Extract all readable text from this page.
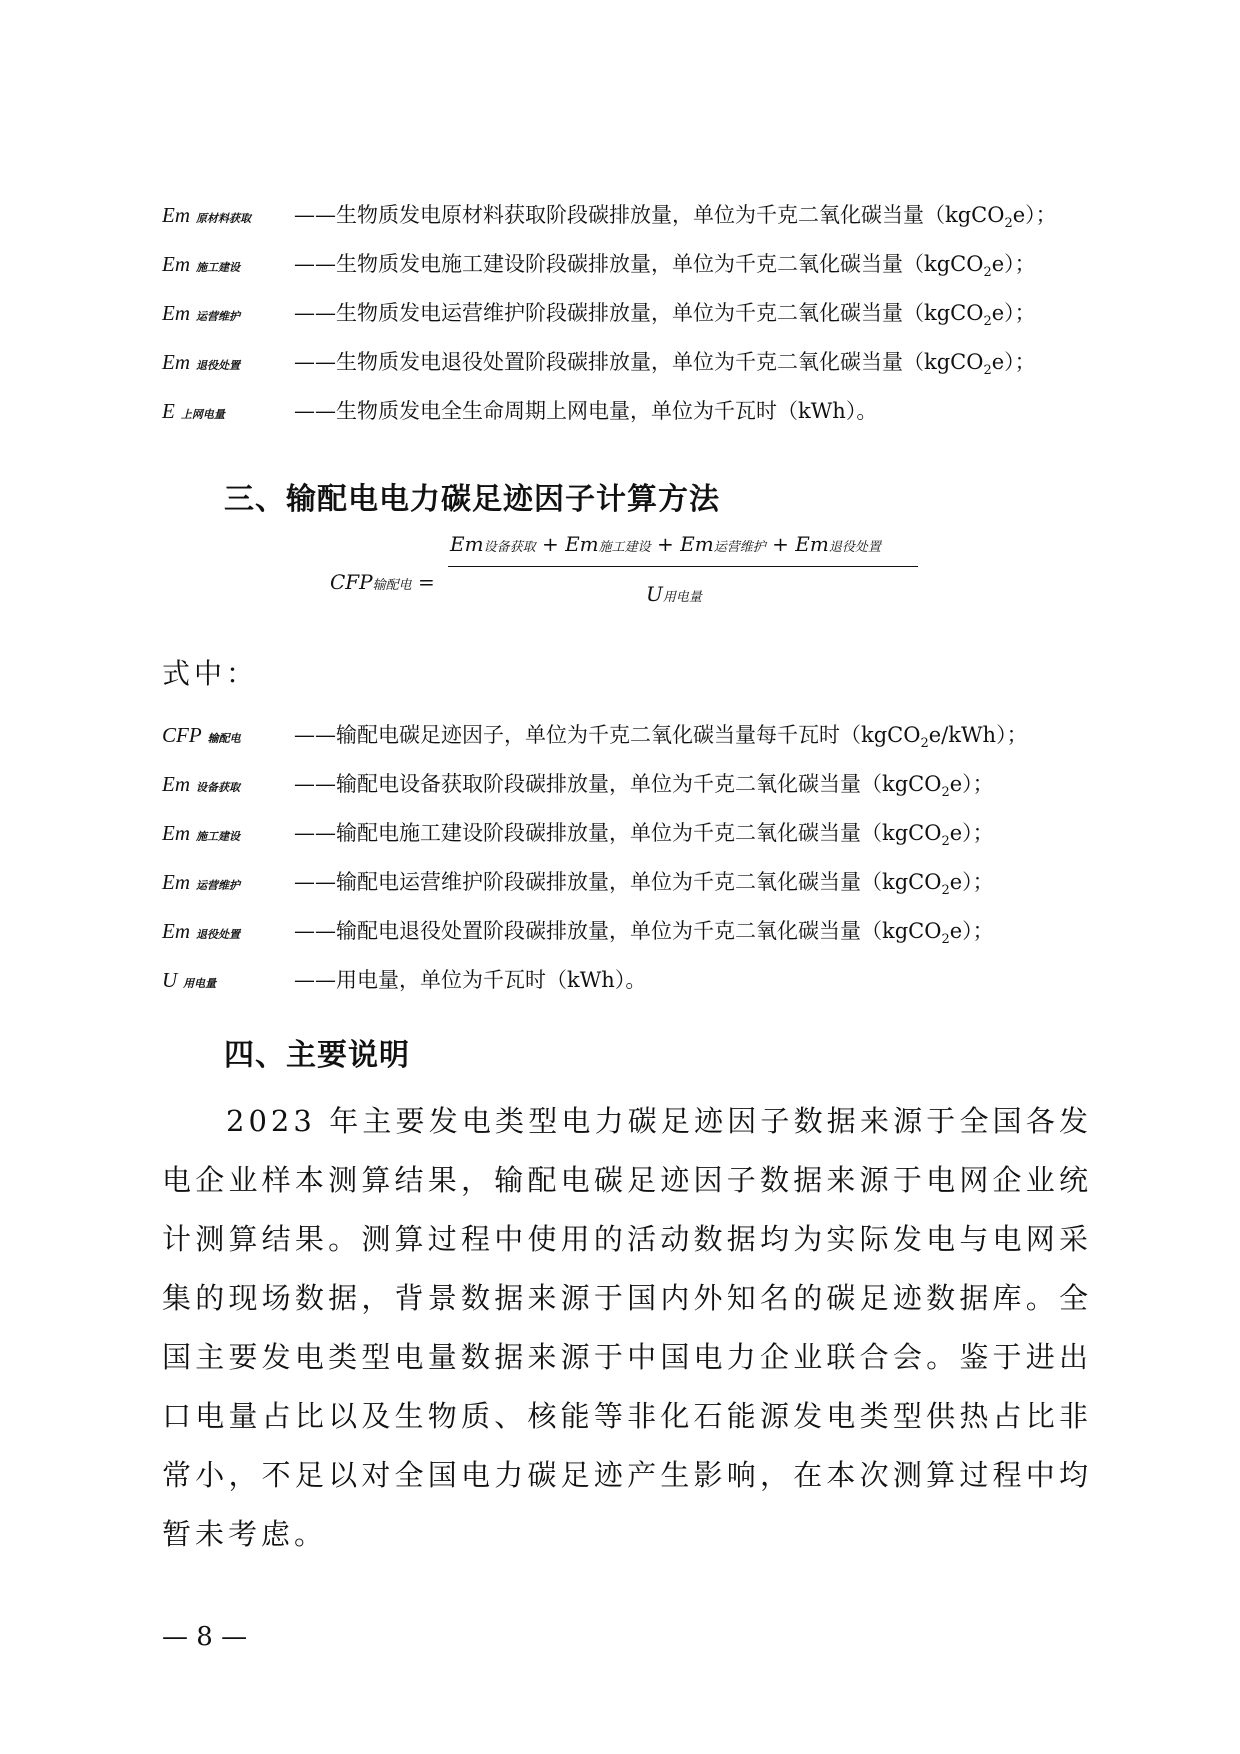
Em 原材料获取 ——生物质发电原材料获取阶段碳排放量，单位为千克二氧化碳当量（kgCO$_2$e）；
Em 施工建设	——生物质发电施工建设阶段碳排放量，单位为千克二氧化碳当量（kgCO$_2$e）；
Em 运营维护	——生物质发电运营维护阶段碳排放量，单位为千克二氧化碳当量（kgCO$_2$e）；
Em 退役处置	——生物质发电退役处置阶段碳排放量，单位为千克二氧化碳当量（kgCO$_2$e）；
E上网电量	——生物质发电全生命周期上网电量，单位为千瓦时（kWh）。
三、输配电电力碳足迹因子计算方法
CFP输配电 =
Em设备获取 + Em施工建设 + Em运营维护 + Em退役处置
U用电量
式中：
CFP 输配电	——输配电碳足迹因子，单位为千克二氧化碳当量每千瓦时（kgCO$_2$e/kWh）；
Em 设备获取	——输配电设备获取阶段碳排放量，单位为千克二氧化碳当量（kgCO$_2$e）；
Em 施工建设	——输配电施工建设阶段碳排放量，单位为千克二氧化碳当量（kgCO$_2$e）；
Em 运营维护	——输配电运营维护阶段碳排放量，单位为千克二氧化碳当量（kgCO$_2$e）；
Em 退役处置	——输配电退役处置阶段碳排放量，单位为千克二氧化碳当量（kgCO$_2$e）；
U用电量	——用电量，单位为千瓦时（kWh）。
四、主要说明

2023 年主要发电类型电力碳足迹因子数据来源于全国各发电企业样本测算结果，输配电碳足迹因子数据来源于电网企业统计测算结果。测算过程中使用的活动数据均为实际发电与电网采集的现场数据，背景数据来源于国内外知名的碳足迹数据库。全国主要发电类型电量数据来源于中国电力企业联合会。鉴于进出口电量占比以及生物质、核能等非化石能源发电类型供热占比非常小，不足以对全国电力碳足迹产生影响，在本次测算过程中均暂未考虑。

— 8 —
